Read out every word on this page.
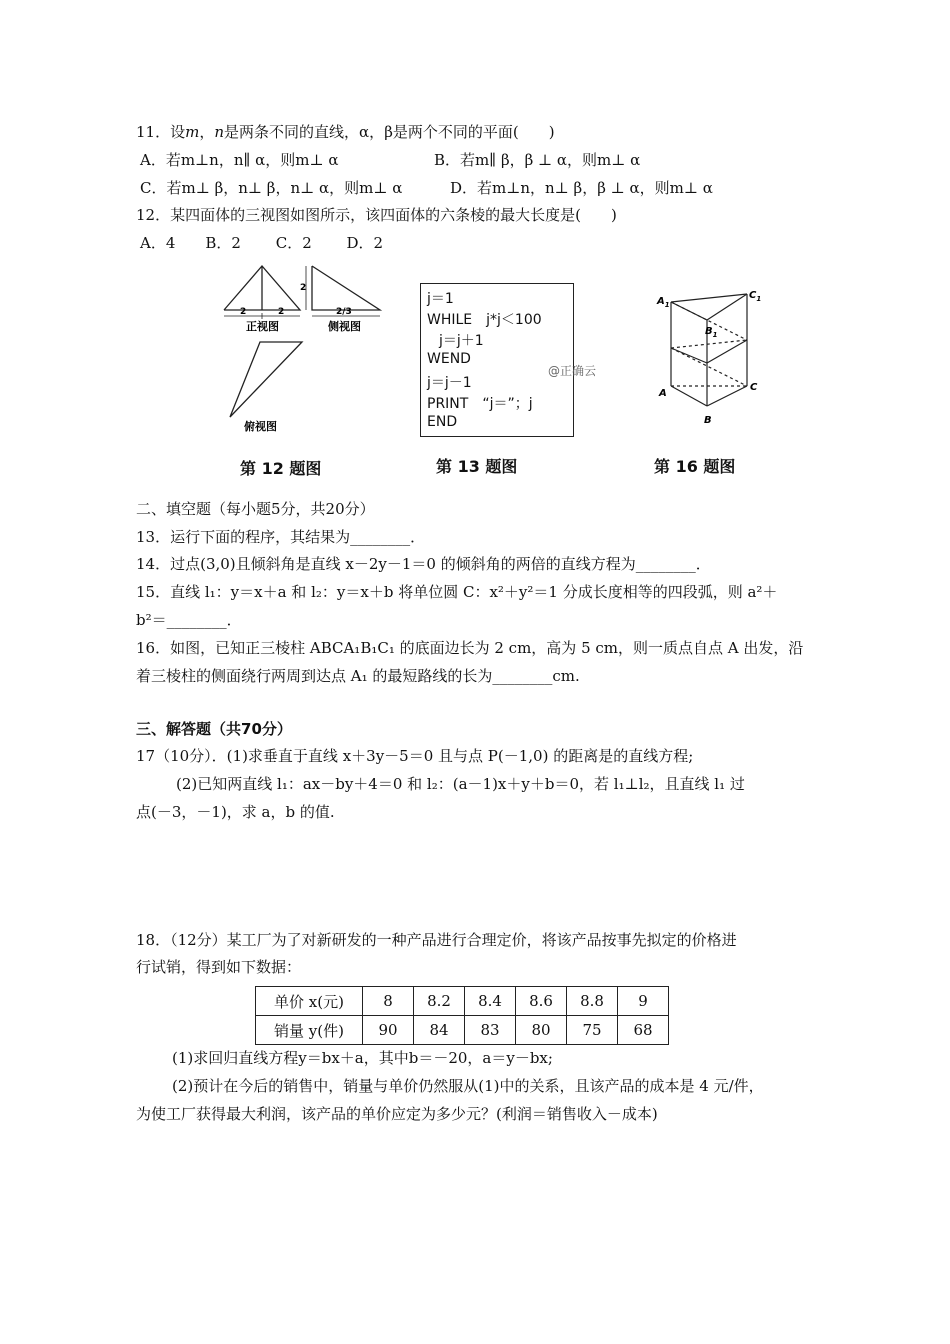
11．设m，n是两条不同的直线，α，β是两个不同的平面(　　)
A．若m⊥n，n∥ α，则m⊥ α	B．若m∥ β，β ⊥ α，则m⊥ α
C．若m⊥ β，n⊥ β，n⊥ α，则m⊥ α	D．若m⊥n，n⊥ β，β ⊥ α，则m⊥ α
12．某四面体的三视图如图所示，该四面体的六条棱的最大长度是(　　)
A．4　　B．2　　 C．2　　 D．2
2	2
正视图
2
2/3
侧视图
俯视图
第 12 题图
j＝1
WHILE　j*j＜100
j＝j＋1
WEND
j＝j－1
PRINT　“j＝”；j
END
@正确云
第 13 题图
$A_1$
$C_1$
$B_1$
A
C
B
第 16 题图
二、填空题（每小题5分，共20分）
13．运行下面的程序，其结果为________．
14．过点(3,0)且倾斜角是直线 x－2y－1＝0 的倾斜角的两倍的直线方程为________．
15．直线 l₁：y＝x＋a 和 l₂：y＝x＋b 将单位圆 C：x²＋y²＝1 分成长度相等的四段弧，则 a²＋
b²＝________．
16．如图，已知正三棱柱 ABCA₁B₁C₁ 的底面边长为 2 cm，高为 5 cm，则一质点自点 A 出发，沿
着三棱柱的侧面绕行两周到达点 A₁ 的最短路线的长为________cm.
三、解答题（共70分）
17（10分）．(1)求垂直于直线 x＋3y－5＝0 且与点 P(－1,0) 的距离是的直线方程;
(2)已知两直线 l₁：ax－by＋4＝0 和 l₂：(a－1)x＋y＋b＝0，若 l₁⊥l₂，且直线 l₁ 过
点(－3，－1)，求 a，b 的值.
18．（12分）某工厂为了对新研发的一种产品进行合理定价，将该产品按事先拟定的价格进
行试销，得到如下数据：
单价 x(元)	8	8.2	8.4	8.6	8.8	9
销量 y(件)	90	84	83	80	75	68
(1)求回归直线方程y＝bx＋a，其中b＝－20，a＝y－bx;
(2)预计在今后的销售中，销量与单价仍然服从(1)中的关系，且该产品的成本是 4 元/件，
为使工厂获得最大利润，该产品的单价应定为多少元？(利润＝销售收入－成本)
